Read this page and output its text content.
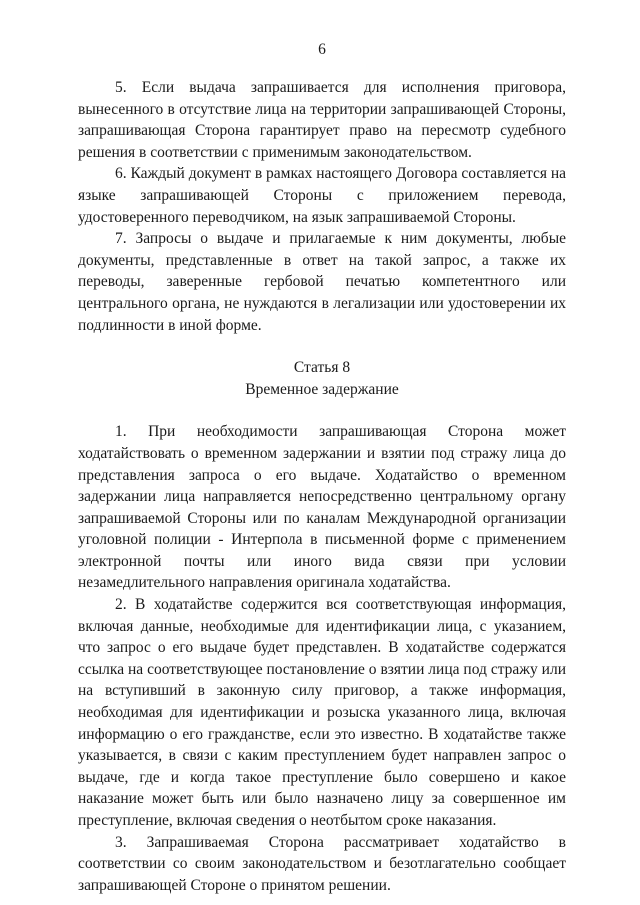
6

5. Если выдача запрашивается для исполнения приговора, вынесенного в отсутствие лица на территории запрашивающей Стороны, запрашивающая Сторона гарантирует право на пересмотр судебного решения в соответствии с применимым законодательством.

6. Каждый документ в рамках настоящего Договора составляется на языке запрашивающей Стороны с приложением перевода, удостоверенного переводчиком, на язык запрашиваемой Стороны.

7. Запросы о выдаче и прилагаемые к ним документы, любые документы, представленные в ответ на такой запрос, а также их переводы, заверенные гербовой печатью компетентного или центрального органа, не нуждаются в легализации или удостоверении их подлинности в иной форме.

Статья 8
Временное задержание

1. При необходимости запрашивающая Сторона может ходатайствовать о временном задержании и взятии под стражу лица до представления запроса о его выдаче. Ходатайство о временном задержании лица направляется непосредственно центральному органу запрашиваемой Стороны или по каналам Международной организации уголовной полиции - Интерпола в письменной форме с применением электронной почты или иного вида связи при условии незамедлительного направления оригинала ходатайства.

2. В ходатайстве содержится вся соответствующая информация, включая данные, необходимые для идентификации лица, с указанием, что запрос о его выдаче будет представлен. В ходатайстве содержатся ссылка на соответствующее постановление о взятии лица под стражу или на вступивший в законную силу приговор, а также информация, необходимая для идентификации и розыска указанного лица, включая информацию о его гражданстве, если это известно. В ходатайстве также указывается, в связи с каким преступлением будет направлен запрос о выдаче, где и когда такое преступление было совершено и какое наказание может быть или было назначено лицу за совершенное им преступление, включая сведения о неотбытом сроке наказания.

3. Запрашиваемая Сторона рассматривает ходатайство в соответствии со своим законодательством и безотлагательно сообщает запрашивающей Стороне о принятом решении.
